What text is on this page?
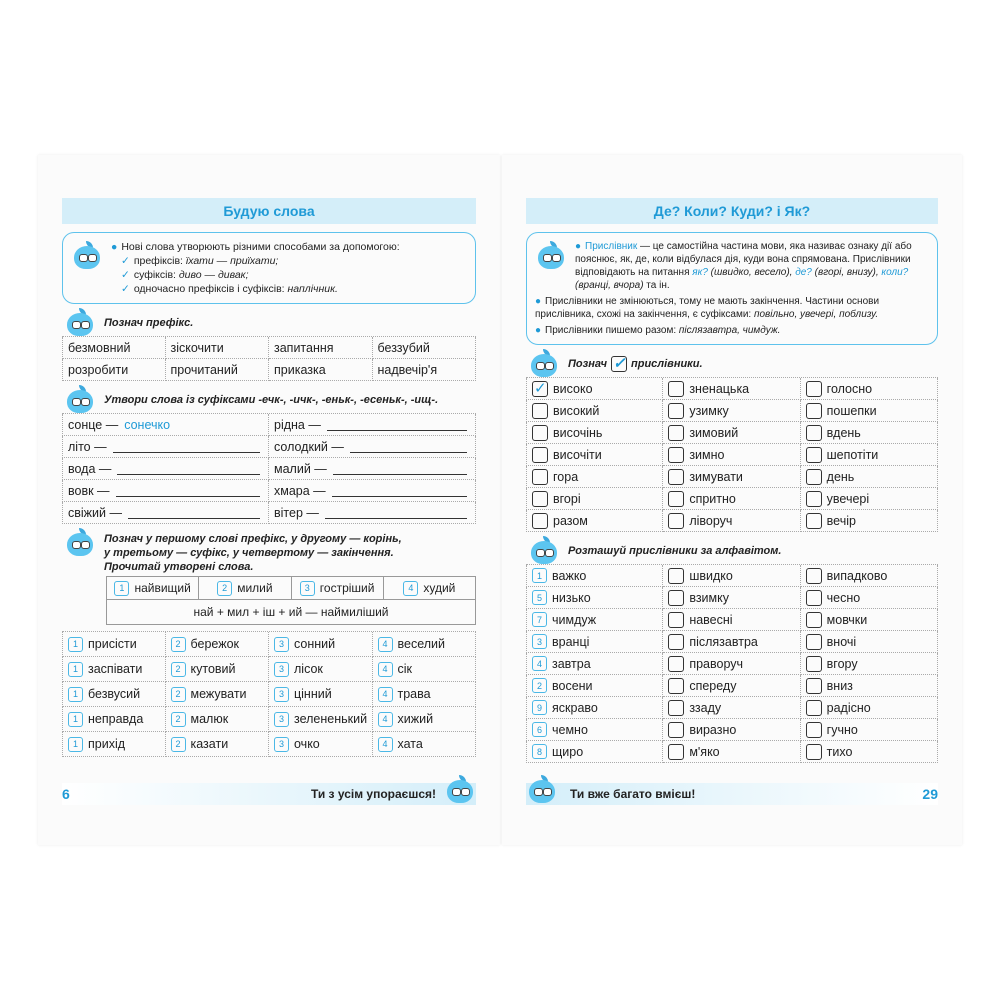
Будую слова
● Нові слова утворюють різними способами за допомогою:
✓ префіксів: їхати — приїхати;
✓ суфіксів: диво — дивак;
✓ одночасно префіксів і суфіксів: наплічник.
Познач префікс.
безмовний	зіскочити	запитання	беззубий
розробити	прочитаний	приказка	надвечір'я
Утвори слова із суфіксами -ечк-, -ичк-, -еньк-, -есеньк-, -ищ-.
сонце — сонечко	рідна —
літо —	солодкий —
вода —	малий —
вовк —	хмара —
свіжий —	вітер —
Познач у першому слові префікс, у другому — корінь,
у третьому — суфікс, у четвертому — закінчення.
Прочитай утворені слова.
1 найвищий	2 милий	3 гостріший	4 худий
най + мил + іш + ий — наймиліший
1 присісти	2 бережок	3 сонний	4 веселий
1 заспівати	2 кутовий	3 лісок	4 сік
1 безвусий	2 межувати	3 цінний	4 трава
1 неправда	2 малюк	3 зелененький	4 хижий
1 прихід	2 казати	3 очко	4 хата
6	Ти з усім упораєшся!
Де? Коли? Куди? і Як?
● Прислівник — це самостійна частина мови, яка називає ознаку дії або пояснює, як, де, коли відбулася дія, куди вона спрямована. Прислівники відповідають на питання як? (швидко, весело), де? (вгорі, внизу), коли? (вранці, вчора) та ін.
● Прислівники не змінюються, тому не мають закінчення. Частини основи прислівника, схожі на закінчення, є суфіксами: повільно, увечері, поблизу.
● Прислівники пишемо разом: післязавтра, чимдуж.
Познач
✓ прислівники.
✓
високо	зненацька	голосно
високий	узимку	пошепки
височінь	зимовий	вдень
височіти	зимно	шепотіти
гора	зимувати	день
вгорі	спритно	увечері
разом	ліворуч	вечір
Розташуй прислівники за алфавітом.
1 важко	швидко	випадково
5 низько	взимку	чесно
7 чимдуж	навесні	мовчки
3 вранці	післязавтра	вночі
4 завтра	праворуч	вгору
2 восени	спереду	вниз
9 яскраво	ззаду	радісно
6 чемно	виразно	гучно
8 щиро	м'яко	тихо
Ти вже багато вмієш!	29
